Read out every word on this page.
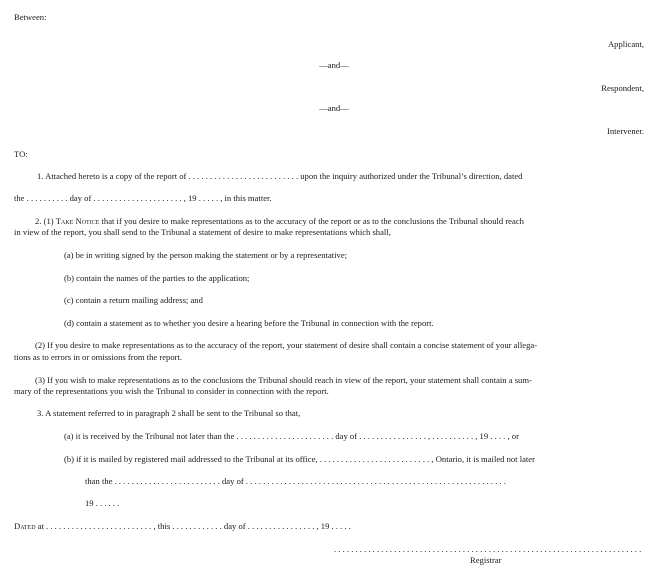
Between:
Applicant,
—and—
Respondent,
—and—
Intervener.
TO:
1. Attached hereto is a copy of the report of . . . . . . . . . . . . . . . . . . . . . . . . . . upon the inquiry authorized under the Tribunal’s direction, dated
the . . . . . . . . . . day of . . . . . . . . . . . . . . . . . . . . . , 19 . . . . . , in this matter.
2. (1) Take Notice that if you desire to make representations as to the accuracy of the report or as to the conclusions the Tribunal should reach
in view of the report, you shall send to the Tribunal a statement of desire to make representations which shall,
(a) be in writing signed by the person making the statement or by a representative;
(b) contain the names of the parties to the application;
(c) contain a return mailing address; and
(d) contain a statement as to whether you desire a hearing before the Tribunal in connection with the report.
(2) If you desire to make representations as to the accuracy of the report, your statement of desire shall contain a concise statement of your allega-
tions as to errors in or omissions from the report.
(3) If you wish to make representations as to the conclusions the Tribunal should reach in view of the report, your statement shall contain a sum-
mary of the representations you wish the Tribunal to consider in connection with the report.
3. A statement referred to in paragraph 2 shall be sent to the Tribunal so that,
(a) it is received by the Tribunal not later than the . . . . . . . . . . . . . . . . . . . . . . . day of . . . . . . . . . . . . . . . . , . . . . . . . . . . , 19 . . . . , or
(b) if it is mailed by registered mail addressed to the Tribunal at its office, . . . . . . . . . . . . . . . . . . . . . . . . . . , Ontario, it is mailed not later
than the . . . . . . . . . . . . . . . . . . . . . . . . . day of . . . . . . . . . . . . . . . . . . . . . . . . . . . . . . . . . . . . . . . . . . . . . . . . . . . . . . . . . . . . .
19 . . . . . .
Dated at . . . . . . . . . . . . . . . . . . . . . . . . . , this . . . . . . . . . . . . day of . . . . . . . . . . . . . . . . , 19 . . . . .
. . . . . . . . . . . . . . . . . . . . . . . . . . . . . . . . . . . . . . . . . . . . . . . . . . . . . . . . . . . . . . . . . . . . . . . .
Registrar
